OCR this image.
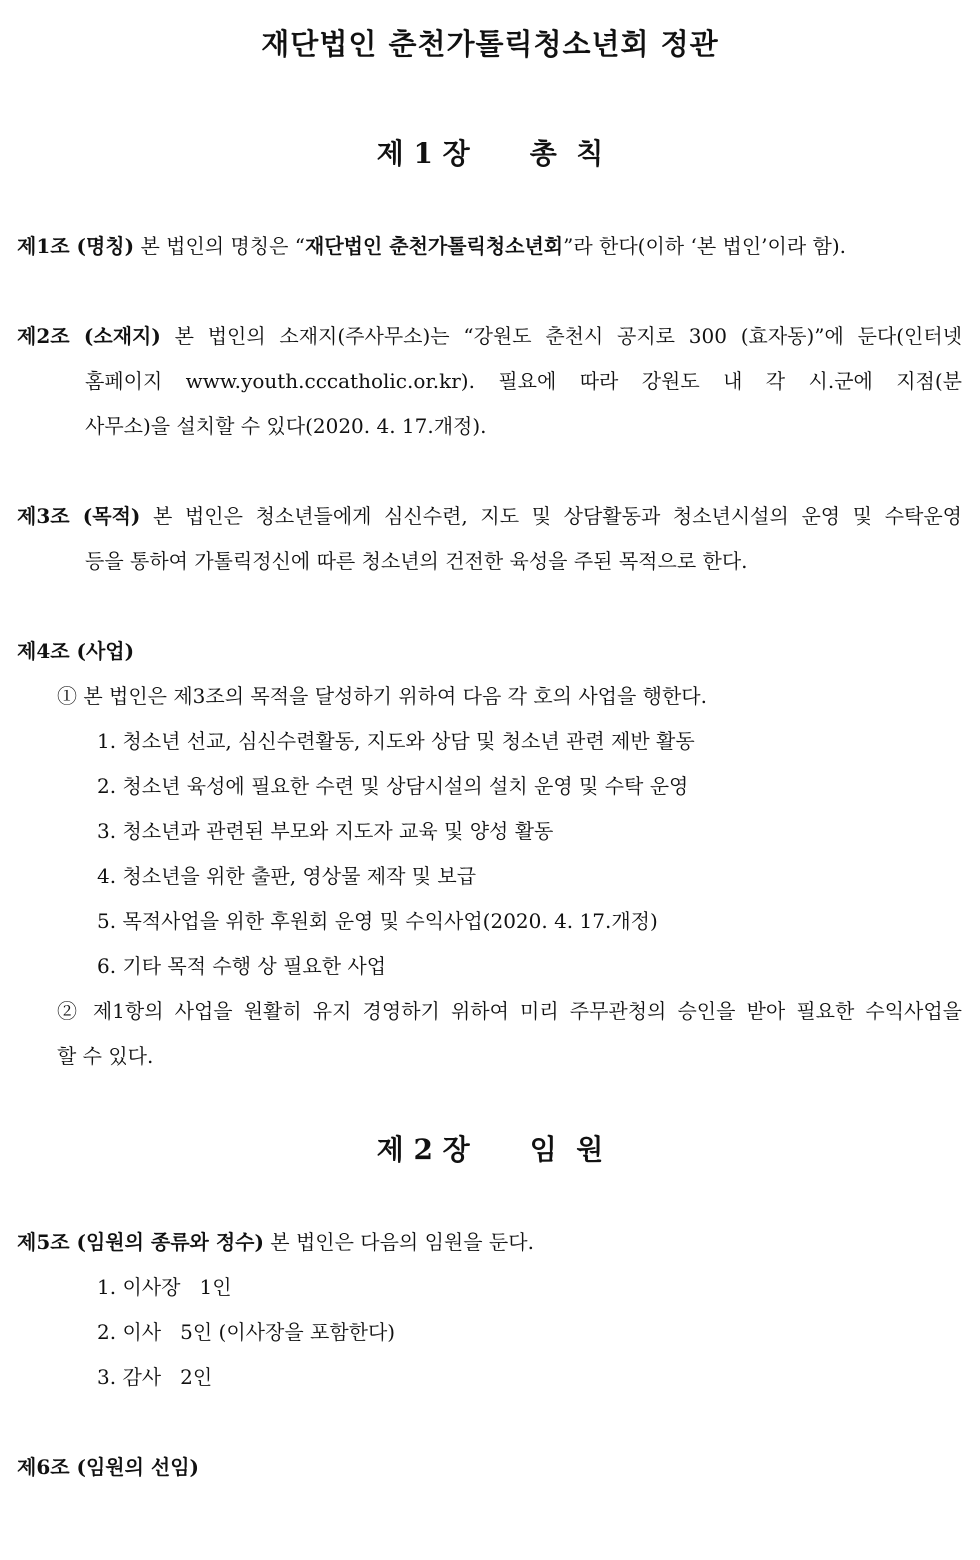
재단법인 춘천가톨릭청소년회 정관
제 1 장 총  칙

제1조 (명칭) 본 법인의 명칭은 “재단법인 춘천가톨릭청소년회”라 한다(이하 ‘본 법인’이라 함).

제2조 (소재지) 본 법인의 소재지(주사무소)는 “강원도 춘천시 공지로 300 (효자동)”에 둔다(인터넷
홈페이지 www.youth.cccatholic.or.kr). 필요에 따라 강원도 내 각 시.군에 지점(분
사무소)을 설치할 수 있다(2020. 4. 17.개정).

제3조 (목적) 본 법인은 청소년들에게 심신수련, 지도 및 상담활동과 청소년시설의 운영 및 수탁운영
등을 통하여 가톨릭정신에 따른 청소년의 건전한 육성을 주된 목적으로 한다.

제4조 (사업)

① 본 법인은 제3조의 목적을 달성하기 위하여 다음 각 호의 사업을 행한다.

1. 청소년 선교, 심신수련활동, 지도와 상담 및 청소년 관련 제반 활동
2. 청소년 육성에 필요한 수련 및 상담시설의 설치 운영 및 수탁 운영
3. 청소년과 관련된 부모와 지도자 교육 및 양성 활동
4. 청소년을 위한 출판, 영상물 제작 및 보급
5. 목적사업을 위한 후원회 운영 및 수익사업(2020. 4. 17.개정)
6. 기타 목적 수행 상 필요한 사업

② 제1항의 사업을 원활히 유지 경영하기 위하여 미리 주무관청의 승인을 받아 필요한 수익사업을
할 수 있다.

제 2 장 임  원

제5조 (임원의 종류와 정수) 본 법인은 다음의 임원을 둔다.

1. 이사장   1인
2. 이사   5인 (이사장을 포함한다)
3. 감사   2인

제6조 (임원의 선임)
